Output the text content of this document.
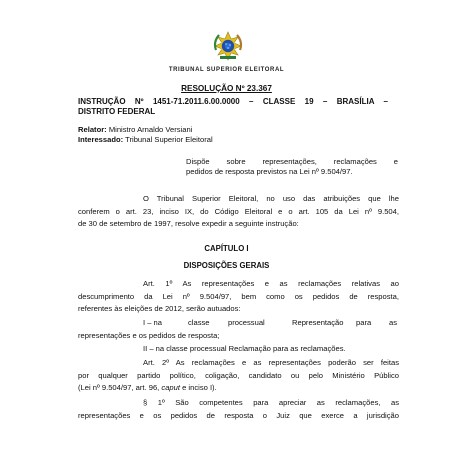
TRIBUNAL SUPERIOR ELEITORAL
RESOLUÇÃO Nº 23.367
INSTRUÇÃO Nº 1451-71.2011.6.00.0000 – CLASSE 19 – BRASÍLIA –
DISTRITO FEDERAL
Relator: Ministro Arnaldo Versiani
Interessado: Tribunal Superior Eleitoral
Dispõe sobre representações, reclamações e
pedidos de resposta previstos na Lei nº 9.504/97.
O Tribunal Superior Eleitoral, no uso das atribuições que lhe
conferem o art. 23, inciso IX, do Código Eleitoral e o art. 105 da Lei nº 9.504,
de 30 de setembro de 1997, resolve expedir a seguinte instrução:
CAPÍTULO I
DISPOSIÇÕES GERAIS
Art. 1º As representações e as reclamações relativas ao
descumprimento da Lei nº 9.504/97, bem como os pedidos de resposta,
referentes às eleições de 2012, serão autuados:
I – na	classe processual	Representação para as
representações e os pedidos de resposta;
II – na classe processual Reclamação para as reclamações.
Art. 2º As reclamações e as representações poderão ser feitas
por qualquer partido político, coligação, candidato ou pelo Ministério Público
(Lei nº 9.504/97, art. 96, caput e inciso I).
§ 1º São competentes para apreciar as reclamações, as
representações e os pedidos de resposta o Juiz que exerce a jurisdição
